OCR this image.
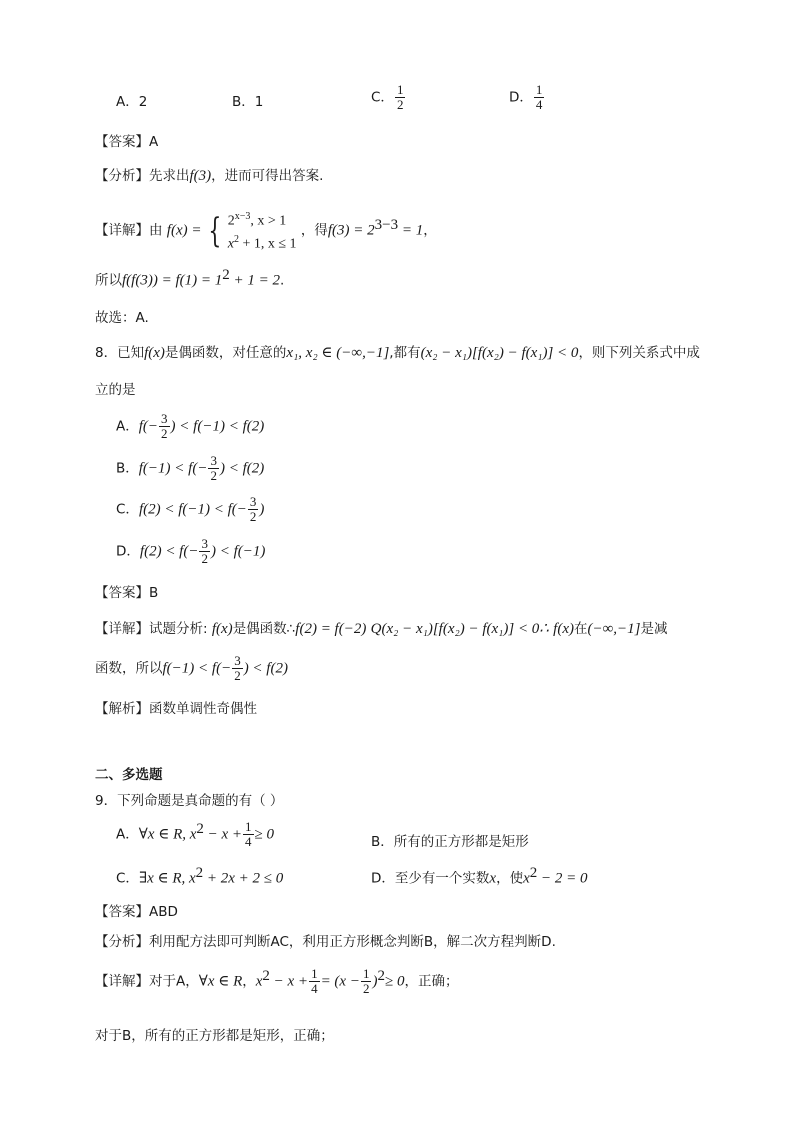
A．2	B．1	C． $\frac{1}{2}$	D． $\frac{1}{4}$
【答案】A
【分析】先求出f(3)，进而可得出答案.
【详解】由 f(x) = { $2^{x-3}$, x > 1
$x^2 + 1$, x ≤ 1
，得$f(3) = 2^{3-3} = 1$，
所以$f(f(3)) = f(1) = 1^2 + 1 = 2$.
故选：A.
8．已知f(x)是偶函数，对任意的x₁, x₂ ∈ (−∞,−1],都有(x₂ − x₁)[f(x₂) − f(x₁)] < 0，则下列关系式中成
立的是
A．$f(- \frac{3}{2}$ ) < f(−1) < f(2)
B．$f(-1) < f(- \frac{3}{2}$ ) < f(2)
C．$f(2) < f(-1) < f(- \frac{3}{2}$ )
D．$f(2) < f(- \frac{3}{2}$ ) < f(−1)
【答案】B
【详解】试题分析: f(x)是偶函数∴f(2) = f(−2) Q(x₂ − x₁)[f(x₂) − f(x₁)] < 0∴ f(x)在(−∞,−1]是减
函数，所以$f(-1) < f(- \frac{3}{2}$ ) < f(2)
【解析】函数单调性奇偶性
二、多选题
9．下列命题是真命题的有（ ）
A．∀x ∈ R, $x^2 - x + \frac{1}{4} \ge 0$	B．所有的正方形都是矩形
C．∃x ∈ R, $x^2 + 2x + 2 \le 0$	D．至少有一个实数x，使$x^2 - 2 = 0$
【答案】ABD
【分析】利用配方法即可判断AC，利用正方形概念判断B，解二次方程判断D.
【详解】对于A，∀x ∈ R，$x^2 - x + \frac{1}{4} = (x - \frac{1}{2} )^2\ge 0$，正确；
对于B，所有的正方形都是矩形，正确；
